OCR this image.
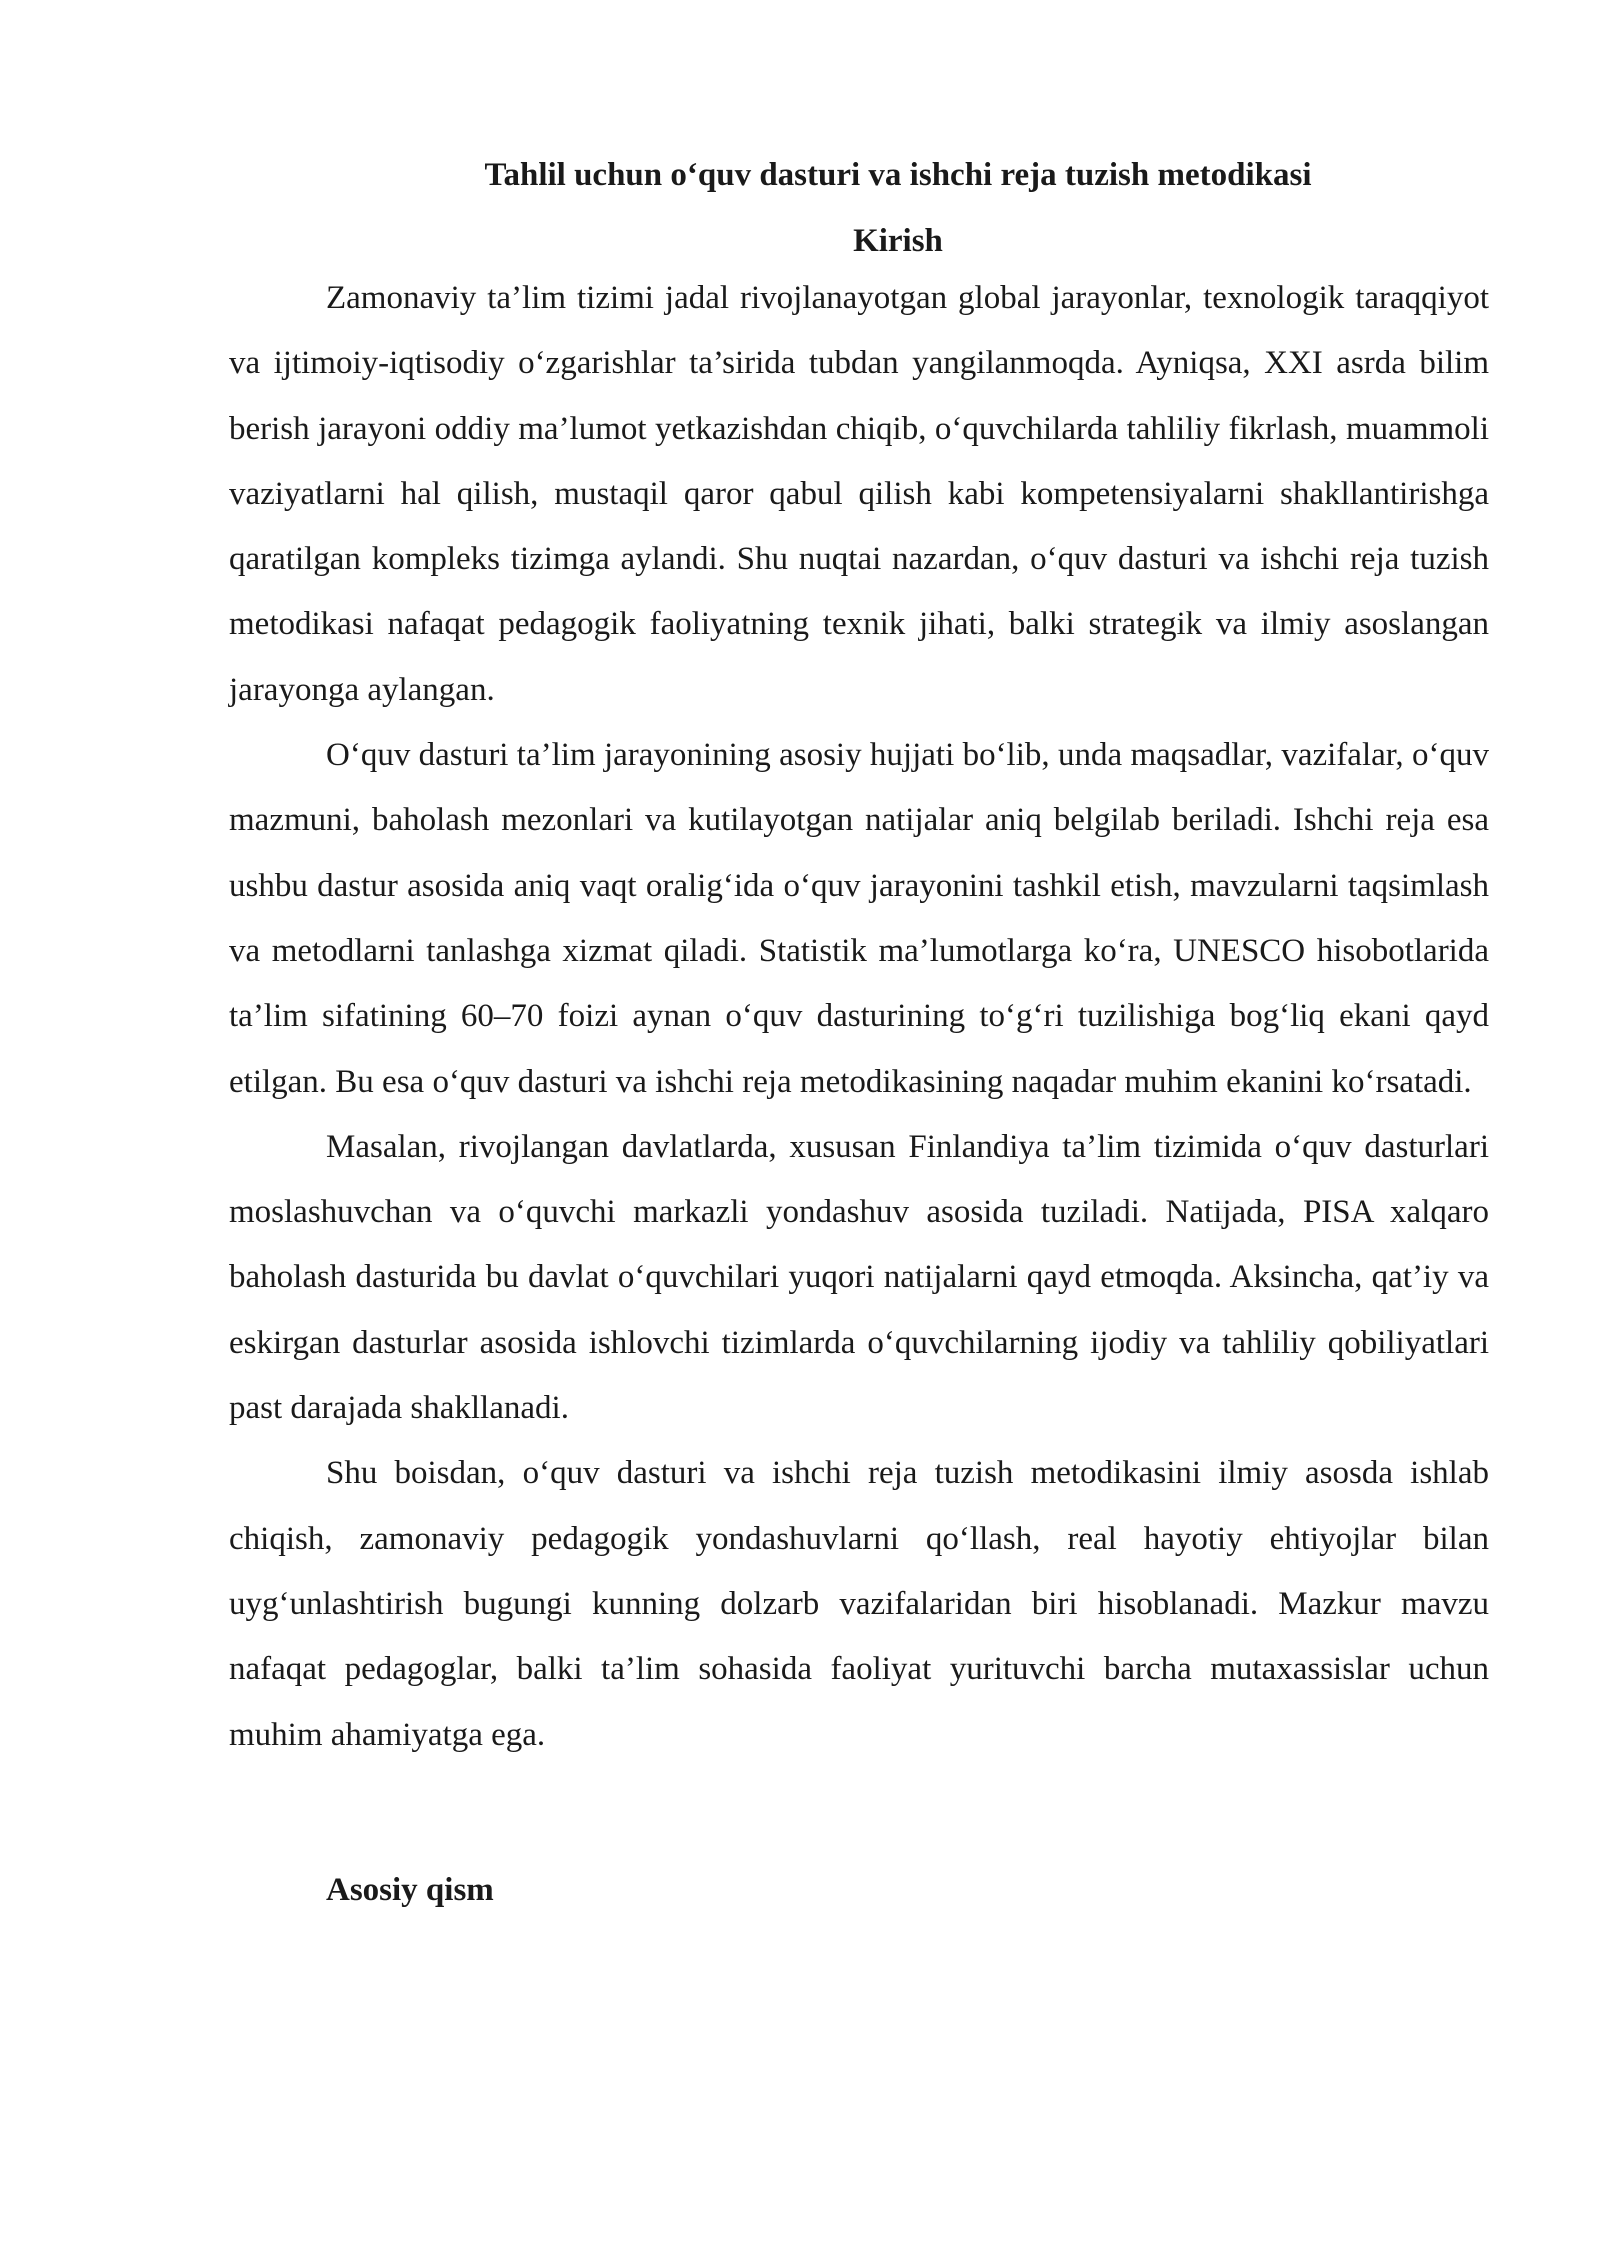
Tahlil uchun o‘quv dasturi va ishchi reja tuzish metodikasi
Kirish

Zamonaviy ta’lim tizimi jadal rivojlanayotgan global jarayonlar, texnologik taraqqiyot va ijtimoiy-iqtisodiy o‘zgarishlar ta’sirida tubdan yangilanmoqda. Ayniqsa, XXI asrda bilim berish jarayoni oddiy ma’lumot yetkazishdan chiqib, o‘quvchilarda tahliliy fikrlash, muammoli vaziyatlarni hal qilish, mustaqil qaror qabul qilish kabi kompetensiyalarni shakllantirishga qaratilgan kompleks tizimga aylandi. Shu nuqtai nazardan, o‘quv dasturi va ishchi reja tuzish metodikasi nafaqat pedagogik faoliyatning texnik jihati, balki strategik va ilmiy asoslangan jarayonga aylangan.

O‘quv dasturi ta’lim jarayonining asosiy hujjati bo‘lib, unda maqsadlar, vazifalar, o‘quv mazmuni, baholash mezonlari va kutilayotgan natijalar aniq belgilab beriladi. Ishchi reja esa ushbu dastur asosida aniq vaqt oralig‘ida o‘quv jarayonini tashkil etish, mavzularni taqsimlash va metodlarni tanlashga xizmat qiladi. Statistik ma’lumotlarga ko‘ra, UNESCO hisobotlarida ta’lim sifatining 60–70 foizi aynan o‘quv dasturining to‘g‘ri tuzilishiga bog‘liq ekani qayd etilgan. Bu esa o‘quv dasturi va ishchi reja metodikasining naqadar muhim ekanini ko‘rsatadi.

Masalan, rivojlangan davlatlarda, xususan Finlandiya ta’lim tizimida o‘quv dasturlari moslashuvchan va o‘quvchi markazli yondashuv asosida tuziladi. Natijada, PISA xalqaro baholash dasturida bu davlat o‘quvchilari yuqori natijalarni qayd etmoqda. Aksincha, qat’iy va eskirgan dasturlar asosida ishlovchi tizimlarda o‘quvchilarning ijodiy va tahliliy qobiliyatlari past darajada shakllanadi.

Shu boisdan, o‘quv dasturi va ishchi reja tuzish metodikasini ilmiy asosda ishlab chiqish, zamonaviy pedagogik yondashuvlarni qo‘llash, real hayotiy ehtiyojlar bilan uyg‘unlashtirish bugungi kunning dolzarb vazifalaridan biri hisoblanadi. Mazkur mavzu nafaqat pedagoglar, balki ta’lim sohasida faoliyat yurituvchi barcha mutaxassislar uchun muhim ahamiyatga ega.

Asosiy qism
